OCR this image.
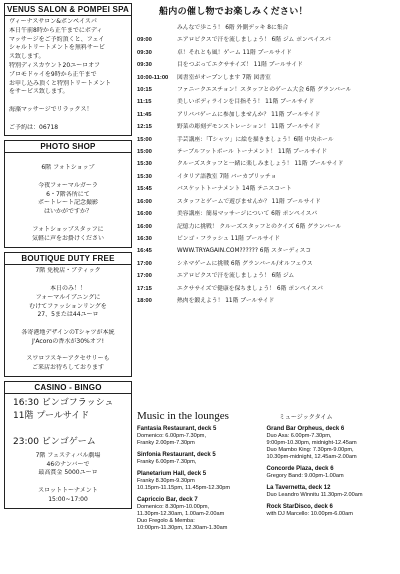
VENUS SALON & POMPEI SPA
ヴィーナスサロン&ポンペイスパ
本日午前8時から正午までにボディ
マッサージをご予約頂くと、フェイ
シャルトリートメントを無料サービ
ス致します。
特別ディスカウント20ユーロオフ
プロモドゥイを9時から正午まで
お申し込み頂くと特別トリートメント
をサービス致します。

海藻マッサージでリラックス！

ご予約は：06718
PHOTO SHOP

6階 フォトショップ

今夜フォーマルガーラ
6・7階各所にて
ポートレート記念撮影
はいかがですか？

フォトショップスタッフに
気軽に声をお掛けください
BOUTIQUE DUTY FREE
7階 免税店・ブティック

本日のみ！！
フォーマルイブニングに
むけてファッションリングを
27、5または44ユーロ

各寄港地デザインのTシャツが本統
J'Acoroの香水が30%オフ!

スワロフスキーアクセサリーも
ご来店お待ちしております
CASINO - BINGO
16:30 ビンゴフラッシュ
11階 プールサイド

23:00 ビンゴゲーム
7階 フェスティバル劇場
46のナンバーで
最高賞金 5000ユーロ

スロットトーナメント
15:00~17:00
船内の催し物でお楽しみください！
みんなで歩こう！ 6階 外側デッキ 8に集合
09:00	エアロビクスで汗を流しましょう！ 6階 ジム ポンペイスパ
09:30	卓！それとも風！ゲーム 11階 プールサイド
09:30	目をつぶってエクササイズ！ 11階 プールサイド
10:00-11:00	図書室がオープンします 7階 図書室
10:15	ファニークエスチョン！スタッフとのゲーム大会 6階 グランバール
11:15	美しいボディラインを目指そう！ 11階 プールサイド
11:45	アリババゲームに参加しませんか？ 11階 プールサイド
12:15	野菜の彫刻デモンストレーション！ 11階 プールサイド
15:00	手芸講座：「Tシャツ」に絵を描きましょう！6階 中央ホール
15:00	テーブルフットボール トーナメント！ 11階 プールサイド
15:30	クルーズスタッフと一緒に楽しみましょう！ 11階 プールサイド
15:30	イタリア語教室 7階 バーカプリッチョ
15:45	バスケットトーナメント 14階 テニスコート
16:00	スタッフとゲームで遊びませんか？ 11階 プールサイド
16:00	美容講座：簡易マッサージについて 6階 ポンペイスパ
16:00	記憶力に挑戦！ クルーズスタッフとのクイズ 6階 グランバール
16:30	ビンゴ・フラッシュ 11階 プールサイド
16:45	WWW.TRYAGAIN.COM?????? 6階 スターディスコ
17:00	シネマゲームに挑戦 6階 グランバール/オルフェウス
17:00	エアロビクスで汗を流しましょう！ 6階 ジム
17:15	エクササイズで健康を保ちましょう！ 6階 ポンペイスパ
18:00	熱肉を鍛えよう！ 11階 プールサイド
Music in the lounges	ミュージックタイム
Fantasia Restaurant, deck 5
Domenico: 6.00pm-7.30pm,
Franky 2.00pm-7.30pm
Sinfonia Restaurant, deck 5
Franky 6.00pm-7.30pm,
Planetarium Hall, deck 5
Franky 8.30pm-9.30pm
10.15pm-11.15pm, 11.45pm-12.30pm
Capriccio Bar, deck 7
Domenico: 8.30pm-10.00pm,
11.30pm-12.30am, 1.00am-2.00am
Duo Fregolo & Memba:
10:00pm-11.30pm, 12.30am-1.30am
Grand Bar Orpheus, deck 6
Duo Axa: 6.00pm-7.30pm,
9:00pm-10.30pm, midnight-12.45am
Duo Mambo King: 7.30pm-9.00pm,
10.30pm-midnight, 12.45am-2.00am
Concorde Plaza, deck 6
Gregory Band: 9.00pm-1.00am
La Tavernetta, deck 12
Duo Leandro Winnitu 11.30pm-2.00am
Rock StarDisco, deck 6
with DJ Marcello: 10.00pm-6.00am
